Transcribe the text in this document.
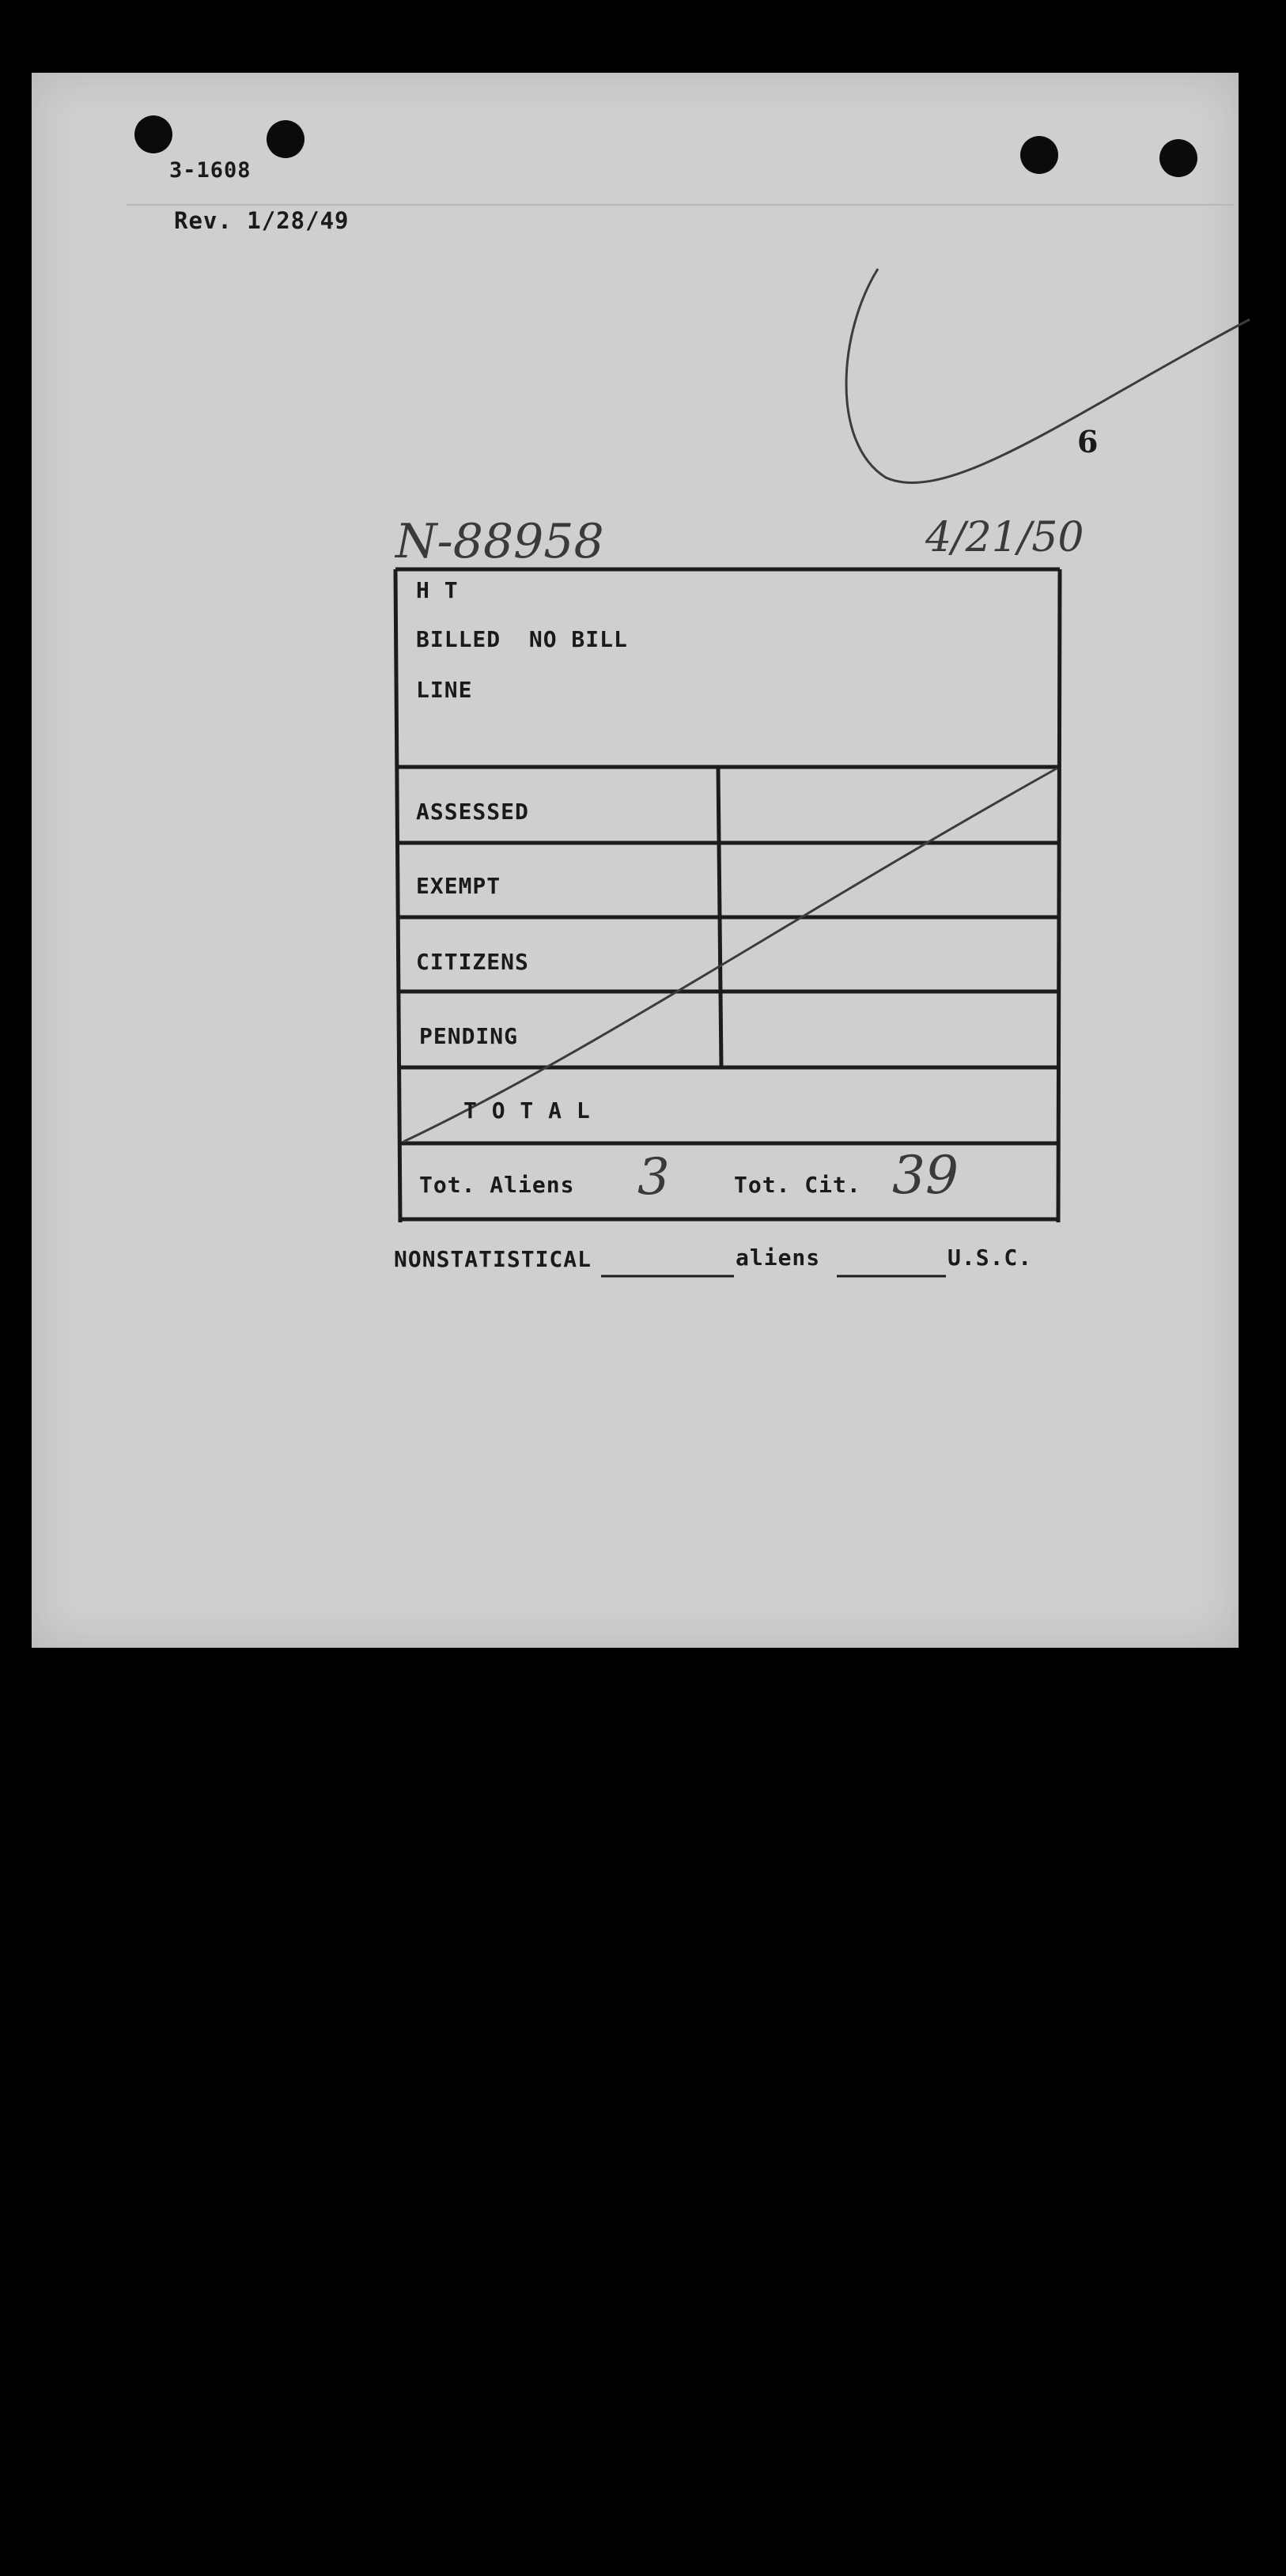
3-1608
Rev. 1/28/49
6
N-88958	4/21/50
H T
BILLED  NO BILL
LINE
ASSESSED
EXEMPT
CITIZENS
PENDING
T O T A L
Tot. Aliens 3	Tot. Cit. 39
NONSTATISTICAL	aliens	U.S.C.
